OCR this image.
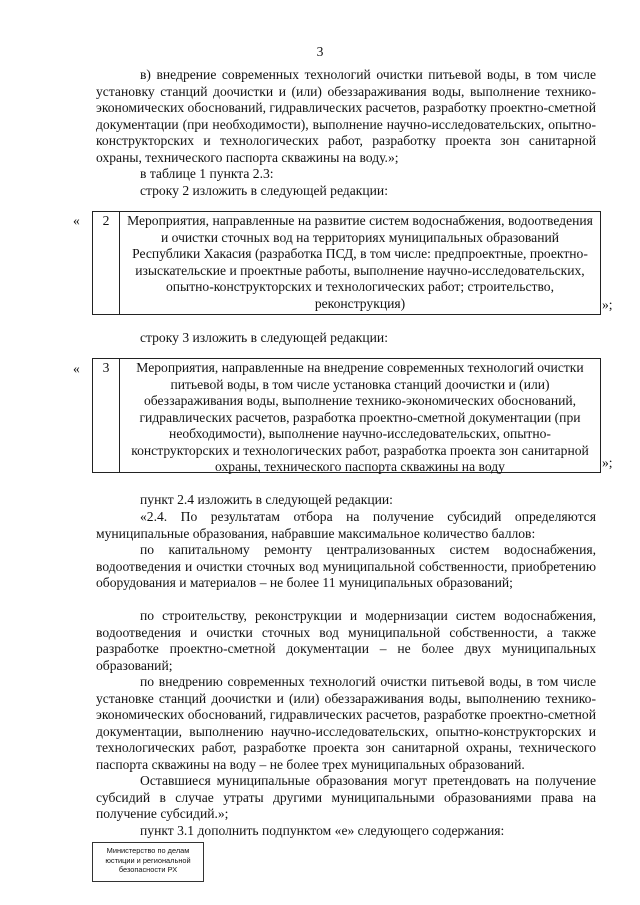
3

в) внедрение современных технологий очистки питьевой воды, в том числе установку станций доочистки и (или) обеззараживания воды, выполнение технико-экономических обоснований, гидравлических расчетов, разработку проектно-сметной документации (при необходимости), выполнение научно-исследовательских, опытно-конструкторских и технологических работ, разработку проекта зон санитарной охраны, технического паспорта скважины на воду.»;

в таблице 1 пункта 2.3:
строку 2 изложить в следующей редакции:
«	2	Мероприятия, направленные на развитие систем водоснабжения, водоотведения и очистки сточных вод на территориях муниципальных образований Республики Хакасия (разработка ПСД, в том числе: предпроектные, проектно-изыскательские и проектные работы, выполнение научно-исследовательских, опытно-конструкторских и технологических работ; строительство, реконструкция)	»;
строку 3 изложить в следующей редакции:
«	3	Мероприятия, направленные на внедрение современных технологий очистки питьевой воды, в том числе установка станций доочистки и (или) обеззараживания воды, выполнение технико-экономических обоснований, гидравлических расчетов, разработка проектно-сметной документации (при необходимости), выполнение научно-исследовательских, опытно-конструкторских и технологических работ, разработка проекта зон санитарной охраны, технического паспорта скважины на воду	»;
пункт 2.4 изложить в следующей редакции:
«2.4. По результатам отбора на получение субсидий определяются муниципальные образования, набравшие максимальное количество баллов:
по капитальному ремонту централизованных систем водоснабжения, водоотведения и очистки сточных вод муниципальной собственности, приобретению оборудования и материалов – не более 11 муниципальных образований;
по строительству, реконструкции и модернизации систем водоснабжения, водоотведения и очистки сточных вод муниципальной собственности, а также разработке проектно-сметной документации – не более двух муниципальных образований;
по внедрению современных технологий очистки питьевой воды, в том числе установке станций доочистки и (или) обеззараживания воды, выполнению технико-экономических обоснований, гидравлических расчетов, разработке проектно-сметной документации, выполнению научно-исследовательских, опытно-конструкторских и технологических работ, разработке проекта зон санитарной охраны, технического паспорта скважины на воду – не более трех муниципальных образований.
Оставшиеся муниципальные образования могут претендовать на получение субсидий в случае утраты другими муниципальными образованиями права на получение субсидий.»;
пункт 3.1 дополнить подпунктом «е» следующего содержания:
Министерство по делам
юстиции и региональной
безопасности РХ
